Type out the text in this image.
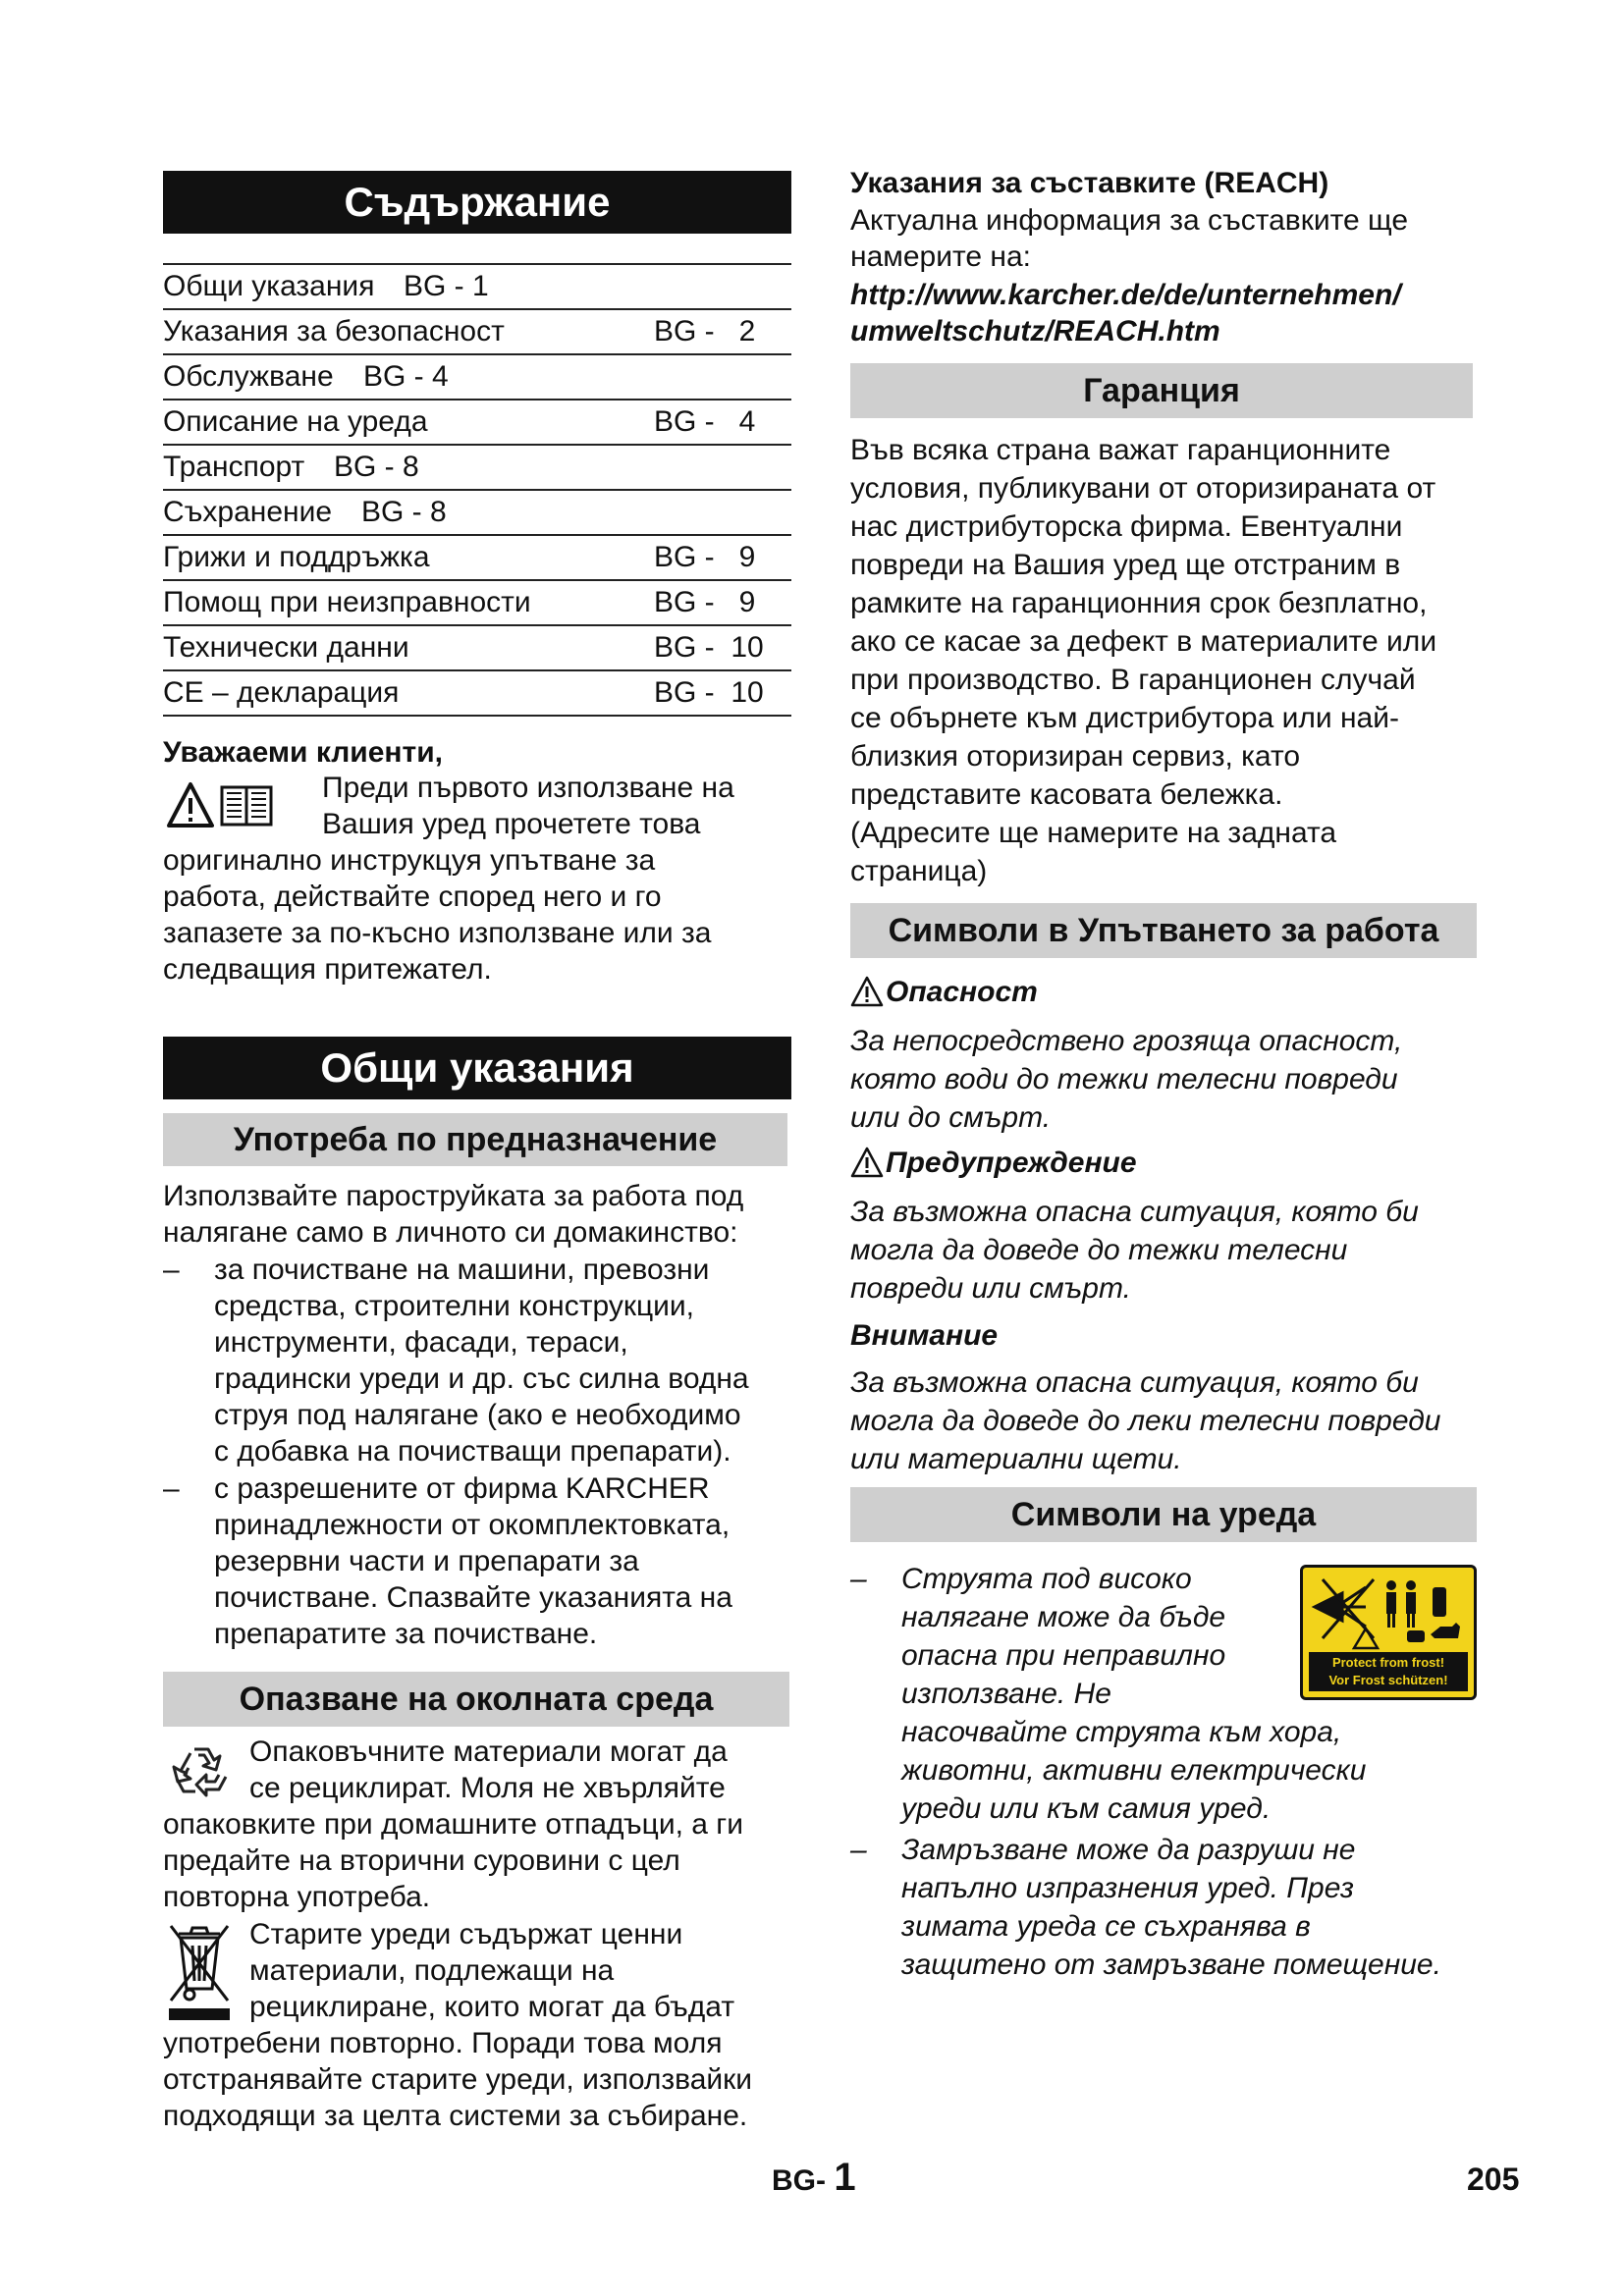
Съдържание
Общи указания BG - 1
Указания за безопасност	BG -   2
Обслужване BG - 4
Описание на уреда	BG -   4
Транспорт BG - 8
Съхранение BG - 8
Грижи и поддръжка	BG -   9
Помощ при неизправности	BG -   9
Технически данни	BG -  10
CE – декларация	BG -  10
Уважаеми клиенти,
Преди първото използване на
Вашия уред прочетете това
оригинално инструкцуя упътване за
работа, действайте според него и го
запазете за по-късно използване или за
следващия притежател.
Общи указания
Употреба по предназначение
Използвайте пароструйката за работа под
налягане само в личното си домакинство:
– за почистване на машини, превозни
средства, строителни конструкции,
инструменти, фасади, тераси,
градински уреди и др. със силна водна
струя под налягане (ако е необходимо
с добавка на почистващи препарати).
– с разрешените от фирма KARCHER
принадлежности от окомплектовката,
резервни части и препарати за
почистване. Спазвайте указанията на
препаратите за почистване.
Опазване на околната среда
Опаковъчните материали могат да
се рециклират. Моля не хвърляйте
опаковките при домашните отпадъци, а ги
предайте на вторични суровини с цел
повторна употреба.
Старите уреди съдържат ценни
материали, подлежащи на
рециклиране, които могат да бъдат
употребени повторно. Поради това моля
отстранявайте старите уреди, използвайки
подходящи за целта системи за събиране.
Указания за съставките (REACH)
Актуална информация за съставките ще
намерите на:
http://www.karcher.de/de/unternehmen/
umweltschutz/REACH.htm
Гаранция
Във всяка страна важат гаранционните
условия, публикувани от оторизираната от
нас дистрибуторска фирма. Евентуални
повреди на Вашия уред ще отстраним в
рамките на гаранционния срок безплатно,
ако се касае за дефект в материалите или
при производство. В гаранционен случай
се обърнете към дистрибутора или най-
близкия оторизиран сервиз, като
представите касовата бележка.
(Адресите ще намерите на задната
страница)
Символи в Упътването за работа
Опасност
За непосредствено грозяща опасност,
която води до тежки телесни повреди
или до смърт.
Предупреждение
За възможна опасна ситуация, която би
могла да доведе до тежки телесни
повреди или смърт.
Внимание
За възможна опасна ситуация, която би
могла да доведе до леки телесни повреди
или материални щети.
Символи на уреда
– Струята под високо
налягане може да бъде
опасна при неправилно
използване. Не
насочвайте струята към хора,
животни, активни електрически
уреди или към самия уред.
Protect from frost!
Vor Frost schützen!
– Замръзване може да разруши не
напълно изпразнения уред. През
зимата уреда се съхранява в
защитено от замръзване помещение.
BG- 1	205
